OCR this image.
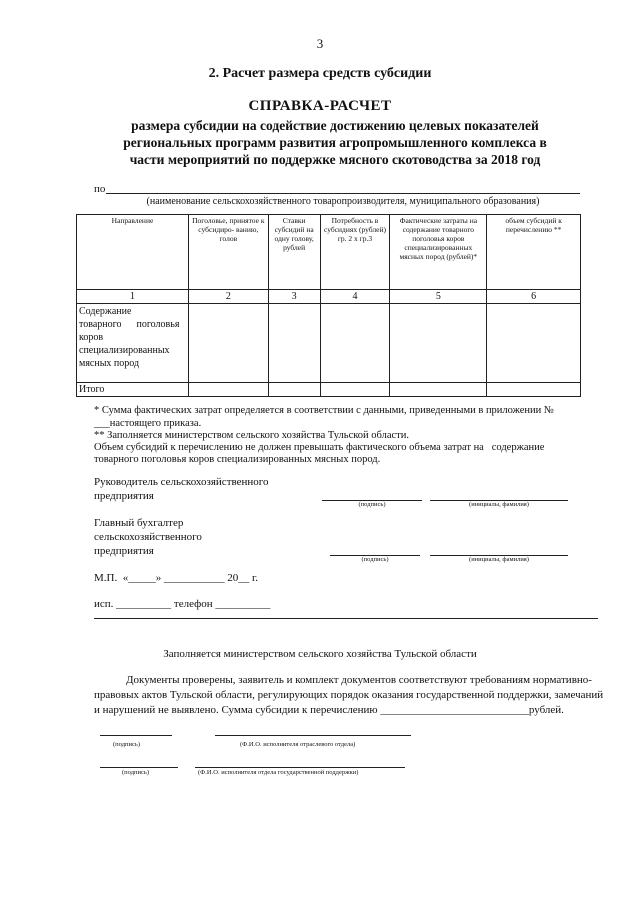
3
2. Расчет размера средств субсидии
СПРАВКА-РАСЧЕТ
размера субсидии на содействие достижению целевых показателей
региональных программ развития агропромышленного комплекса в
части мероприятий по поддержке мясного скотоводства за 2018 год
по
(наименование сельскохозяйственного товаропроизводителя, муниципального образования)
Направление	Поголовье, принятое к субсидиро- ванию, голов	Ставки субсидий на одну голову, рублей	Потребность в субсидиях (рублей) гр. 2 х гр.3	Фактические затраты на содержание товарного поголовья коров специализированных мясных пород (рублей)*	объем субсидий к перечислению **
1	2	3	4	5	6

Содержание
товарного      поголовья
коров
специализированных
мясных пород					

Итого					
* Сумма фактических затрат определяется в соответствии с данными, приведенными в приложении №
___настоящего приказа.
** Заполняется министерством сельского хозяйства Тульской области.
Объем субсидий к перечислению не должен превышать фактического объема затрат на   содержание
товарного поголовья коров специализированных мясных пород.
Руководитель сельскохозяйственного
предприятия
(подпись)	(инициалы, фамилия)
Главный бухгалтер
сельскохозяйственного
предприятия
(подпись)	(инициалы, фамилия)
М.П.  «_____» ___________ 20__ г.
исп. __________ телефон __________
Заполняется министерством сельского хозяйства Тульской области
Документы проверены, заявитель и комплект документов соответствуют требованиям нормативно-
правовых актов Тульской области, регулирующих порядок оказания государственной поддержки, замечаний
и нарушений не выявлено. Сумма субсидии к перечислению ___________________________рублей.
(подпись)	(Ф.И.О. исполнителя отраслевого отдела)
(подпись)	(Ф.И.О. исполнителя отдела государственной поддержки)
